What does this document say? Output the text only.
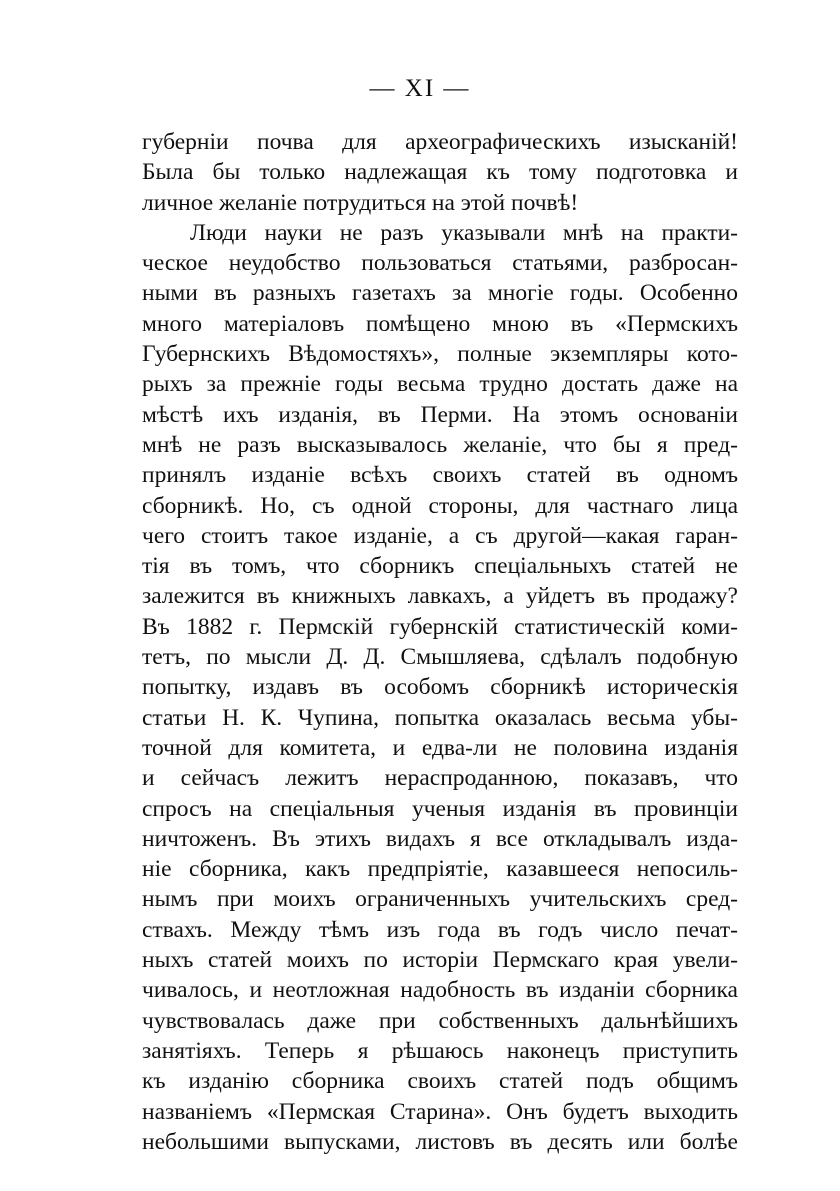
— XI —
губерніи почва для археографическихъ изысканій!
Была бы только надлежащая къ тому подготовка и
личное желаніе потрудиться на этой почвѣ!
Люди науки не разъ указывали мнѣ на практи-
ческое неудобство пользоваться статьями, разбросан-
ными въ разныхъ газетахъ за многіе годы. Особенно
много матеріаловъ помѣщено мною въ «Пермскихъ
Губернскихъ Вѣдомостяхъ», полные экземпляры кото-
рыхъ за прежніе годы весьма трудно достать даже на
мѣстѣ ихъ изданія, въ Перми. На этомъ основаніи
мнѣ не разъ высказывалось желаніе, что бы я пред-
принялъ изданіе всѣхъ своихъ статей въ одномъ
сборникѣ. Но, съ одной стороны, для частнаго лица
чего стоитъ такое изданіе, а съ другой—какая гаран-
тія въ томъ, что сборникъ спеціальныхъ статей не
залежится въ книжныхъ лавкахъ, а уйдетъ въ продажу?
Въ 1882 г. Пермскій губернскій статистическій коми-
тетъ, по мысли Д. Д. Смышляева, сдѣлалъ подобную
попытку, издавъ въ особомъ сборникѣ историческія
статьи Н. К. Чупина, попытка оказалась весьма убы-
точной для комитета, и едва-ли не половина изданія
и сейчасъ лежитъ нераспроданною, показавъ, что
спросъ на спеціальныя ученыя изданія въ провинціи
ничтоженъ. Въ этихъ видахъ я все откладывалъ изда-
ніе сборника, какъ предпріятіе, казавшееся непосиль-
нымъ при моихъ ограниченныхъ учительскихъ сред-
ствахъ. Между тѣмъ изъ года въ годъ число печат-
ныхъ статей моихъ по исторіи Пермскаго края увели-
чивалось, и неотложная надобность въ изданіи сборника
чувствовалась даже при собственныхъ дальнѣйшихъ
занятіяхъ. Теперь я рѣшаюсь наконецъ приступить
къ изданію сборника своихъ статей подъ общимъ
названіемъ «Пермская Старина». Онъ будетъ выходить
небольшими выпусками, листовъ въ десять или болѣе
